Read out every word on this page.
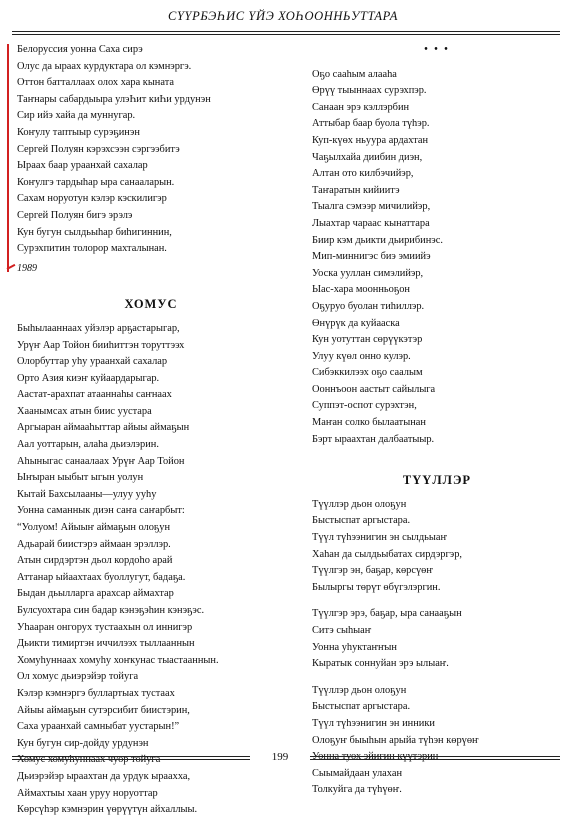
СҮҮРБЭҺИС ҮЙЭ ХОҺООННЬУТТАРА
Белоруссия уонна Саха сирэ
Олус да ыраах курдуктара ол кэмнэргэ.
Оттон батталлаах олох хара кыната
Таҥнары сабардыыра улэҺит киҺи урдунэн
Сир ийэ хайа да муннугар.
Коҥулу таптыыр сурэҕинэн
Сергей Полуян кэрэхсээн сэргээбитэ
Ыраах баар ураанхай сахалар
Коҥулгэ тардыhар ыра санааларын.
Сахам норуотун кэлэр кэскилигэр
Сергей Полуян бигэ эрэлэ
Кун бугун сылдьыhар биhигиннин,
Сурэхпитин толорор махталынан.
1989
ХОМУС
Быhылааннаах уйэлэр арҕастарыгар,
Урүҥ Аар Тойон бииhиттэн торуттээх
Олорбуттар уhу ураанхай сахалар
Орто Азия киэҥ куйаардарыгар.
Аастат-арахпат атааннаhы саҥнаах
Хаанымсах атын биис уустара
Аргыарaн аймааhыттар айыы аймаҕын
Аал уоттарын, алаhа дьиэлэрин.
Аhыныгас санаалаах Урүҥ Аар Тойон
Ыҥыран ыыбыт ыгын уолун
Кытай Бахсылааны—улуу ууhу
Уонна саманнык диэн саҥа саҥарбыт:
“Уолуом! Айыыҥ аймаҕын олоҕун
Адьарай биистэрэ аймаан эрэллэр.
Атын сирдэртэн дьол кордоhо арай
Аттанар ыйаахтаах буоллугут, бадаҕа.
Быдан дьылларга арахсар аймахтар
Булсуохтара син бадар кэнэҕэhин кэнэҕэс.
Уhааран онгорух тустаахын ол иннигэр
Дьикти тимиртэн иччилээх тыллааннын
Хомуhуннаах хомуhу хоҥкунас тыастааннын.
Ол хомус дьиэрэйэр тойуга
Кэлэр кэмнэргэ буллартыах тустаах
Айыы аймаҕын сутэрсибит биистэрин,
Саха ураанхай самныбат уустарын!”
Кун бугун сир-дойду урдунэн
Дьиэрэйэр ыраахтан да урдук ыраахха,
Аймахтыы хаан уруу норуоттар
Көрсүhэр кэмнэрин үөрүүтүн айхаллыы.
• • •
Оҕо сааhым алааhа
Өрүү тыыннаах сурэхпэр.
Санаан эрэ кэллэрбин
Аттыбар баар буола түhэр.
Куп-күөх ньуура ардахтан
Чаҕылхайа диибин диэн,
Алтан ото килбэчийэр,
Таҥаратын кийиитэ
Тыалга сэмээр мичилийэр,
Лыахтар чараас кынаттара
Биир кэм дьикти дьирибинэс.
Мип-миннигэс биэ эмиийэ
Уоска ууллан симэлийэр,
Ыас-хара моонньоҕон
Оҕуруо буолан тиhиллэр.
Өнүрүк да куйааска
Кун уотуттан сөрүүкэтэр
Улуу күөл онно кулэр.
Сибэккилээх оҕо саалым
Ооннъоон аастыт сайылыга
Суппэт-оспот сурэхтэн,
Маҥан солко былаатынан
Бэрт ыраахтан далбаатыыр.
ТҮҮЛЛЭР
Түүллэр дьон олоҕун
Быстыспат аргыстара.
Түүл түhээнигин эн сылдьыаҥ
Хаhан да сылдьыбатах сирдэргэр,
Түүлгэр эн, баҕар, көрсүөҥ
Былыргы төрүт өбүгэлэргин.
Түүлгэр эрэ, баҕар, ыра санааҕын
Ситэ сыhыаҥ
Уонна уhуктаҥҥын
Кыратык соннуйан эрэ ылыаҥ.
Түүллэр дьон олоҕун
Быстыспат аргыстара.
Түүл түhээнигин эн инники
Олоҕуҥ быыhын арыйа түhэн көрүөҥ
Сыымайдаан улахан
Толкуйга да түhүөҥ.
199
